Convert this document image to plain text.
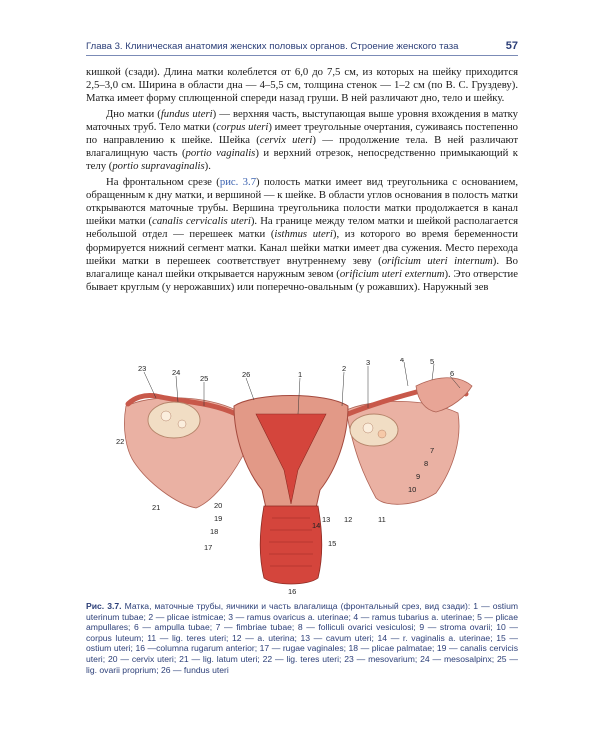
Глава 3. Клиническая анатомия женских половых органов. Строение женского таза	57

кишкой (сзади). Длина матки колеблется от 6,0 до 7,5 см, из которых на шейку приходится 2,5–3,0 см. Ширина в области дна — 4–5,5 см, толщина стенок — 1–2 см (по В. С. Груздеву). Матка имеет форму сплющенной спереди назад груши. В ней различают дно, тело и шейку.

Дно матки (fundus uteri) — верхняя часть, выступающая выше уровня вхождения в матку маточных труб. Тело матки (corpus uteri) имеет треугольные очертания, суживаясь постепенно по направлению к шейке. Шейка (cervix uteri) — продолжение тела. В ней различают влагалищную часть (portio vaginalis) и верхний отрезок, непосредственно примыкающий к телу (portio supravaginalis).

На фронтальном срезе (рис. 3.7) полость матки имеет вид треугольника с основанием, обращенным к дну матки, и вершиной — к шейке. В области углов основания в полость матки открываются маточные трубы. Вершина треугольника полости матки продолжается в канал шейки матки (canalis cervicalis uteri). На границе между телом матки и шейкой располагается небольшой отдел — перешеек матки (isthmus uteri), из которого во время беременности формируется нижний сегмент матки. Канал шейки матки имеет два сужения. Место перехода шейки матки в перешеек соответствует внутреннему зеву (orificium uteri internum). Во влагалище канал шейки открывается наружным зевом (orificium uteri externum). Это отверстие бывает круглым (у нерожавших) или поперечно-овальным (у рожавших). Наружный зев

23	24
25	26	1
2
3	4	5
6
7
8
9
10
11
12
13
14
15
16
17
18
19
20
21
22
Рис. 3.7. Матка, маточные трубы, яичники и часть влагалища (фронтальный срез, вид сзади): 1 — ostium uterinum tubae; 2 — plicae istmicae; 3 — ramus ovaricus a. uterinae; 4 — ramus tubarius a. uterinae; 5 — plicae ampullares; 6 — ampulla tubae; 7 — fimbriae tubae; 8 — folliculi ovarici vesiculosi; 9 — stroma ovarii; 10 — corpus luteum; 11 — lig. teres uteri; 12 — a. uterina; 13 — cavum uteri; 14 — r. vaginalis a. uterinae; 15 — ostium uteri; 16 —columna rugarum anterior; 17 — rugae vaginales; 18 — plicae palmatae; 19 — canalis cervicis uteri; 20 — cervix uteri; 21 — lig. latum uteri; 22 — lig. teres uteri; 23 — mesovarium; 24 — mesosalpinx; 25 — lig. ovarii proprium; 26 — fundus uteri
